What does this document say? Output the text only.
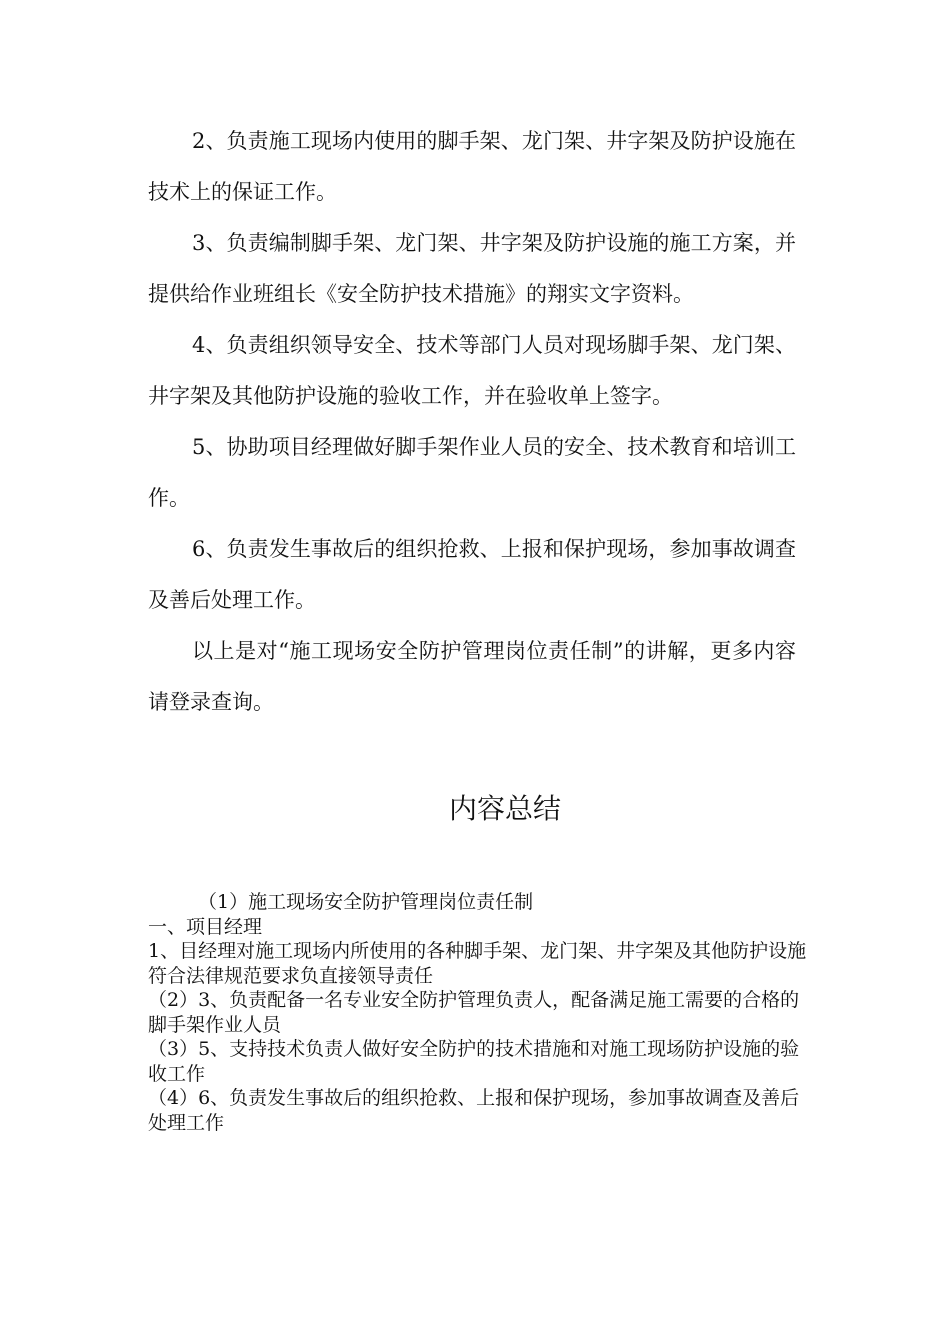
2、负责施工现场内使用的脚手架、龙门架、井字架及防护设施在技术上的保证工作。

3、负责编制脚手架、龙门架、井字架及防护设施的施工方案，并提供给作业班组长《安全防护技术措施》的翔实文字资料。

4、负责组织领导安全、技术等部门人员对现场脚手架、龙门架、井字架及其他防护设施的验收工作，并在验收单上签字。

5、协助项目经理做好脚手架作业人员的安全、技术教育和培训工作。

6、负责发生事故后的组织抢救、上报和保护现场，参加事故调查及善后处理工作。

以上是对“施工现场安全防护管理岗位责任制”的讲解，更多内容请登录查询。

内容总结

（1）施工现场安全防护管理岗位责任制

一、项目经理

1、目经理对施工现场内所使用的各种脚手架、龙门架、井字架及其他防护设施符合法律规范要求负直接领导责任

（2）3、负责配备一名专业安全防护管理负责人，配备满足施工需要的合格的脚手架作业人员

（3）5、支持技术负责人做好安全防护的技术措施和对施工现场防护设施的验收工作

（4）6、负责发生事故后的组织抢救、上报和保护现场，参加事故调查及善后处理工作
